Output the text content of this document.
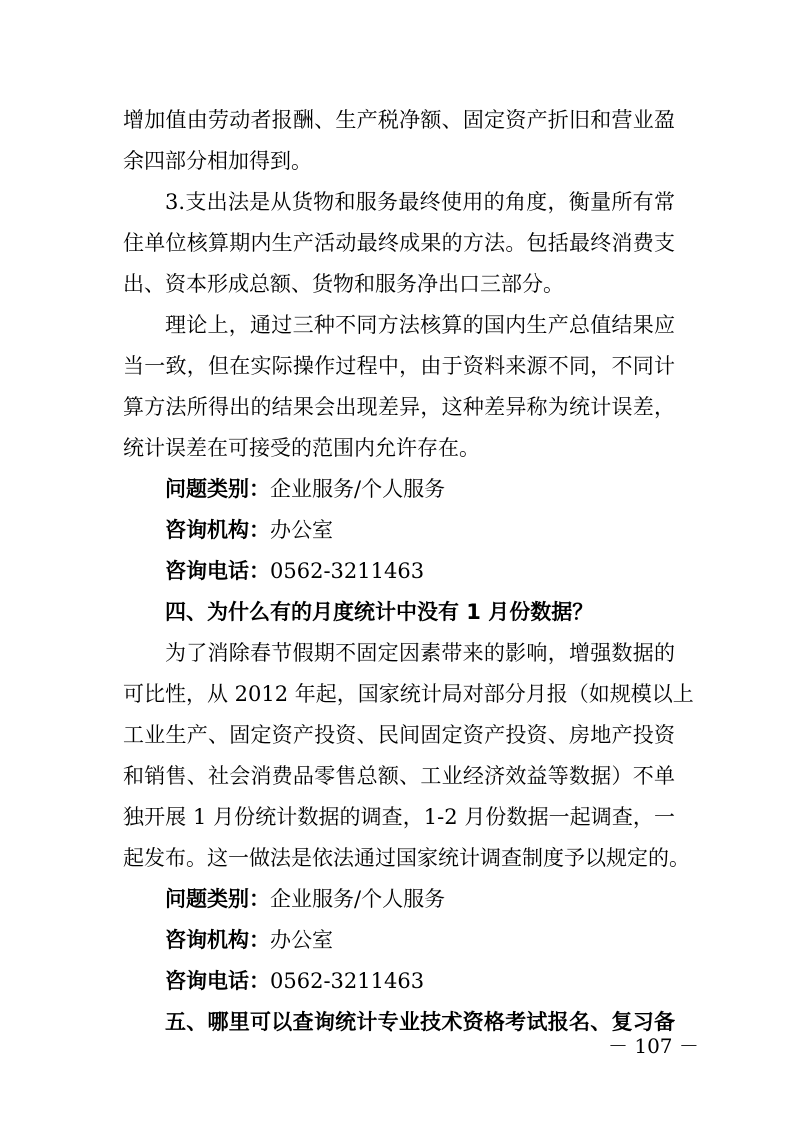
增加值由劳动者报酬、生产税净额、固定资产折旧和营业盈
余四部分相加得到。
3.支出法是从货物和服务最终使用的角度，衡量所有常
住单位核算期内生产活动最终成果的方法。包括最终消费支
出、资本形成总额、货物和服务净出口三部分。
理论上，通过三种不同方法核算的国内生产总值结果应
当一致，但在实际操作过程中，由于资料来源不同，不同计
算方法所得出的结果会出现差异，这种差异称为统计误差，
统计误差在可接受的范围内允许存在。
问题类别：企业服务/个人服务
咨询机构：办公室
咨询电话：0562-3211463
四、为什么有的月度统计中没有 1 月份数据？
为了消除春节假期不固定因素带来的影响，增强数据的
可比性，从 2012 年起，国家统计局对部分月报（如规模以上
工业生产、固定资产投资、民间固定资产投资、房地产投资
和销售、社会消费品零售总额、工业经济效益等数据）不单
独开展 1 月份统计数据的调查，1-2 月份数据一起调查，一
起发布。这一做法是依法通过国家统计调查制度予以规定的。
问题类别：企业服务/个人服务
咨询机构：办公室
咨询电话：0562-3211463
五、哪里可以查询统计专业技术资格考试报名、复习备
－ 107 －
